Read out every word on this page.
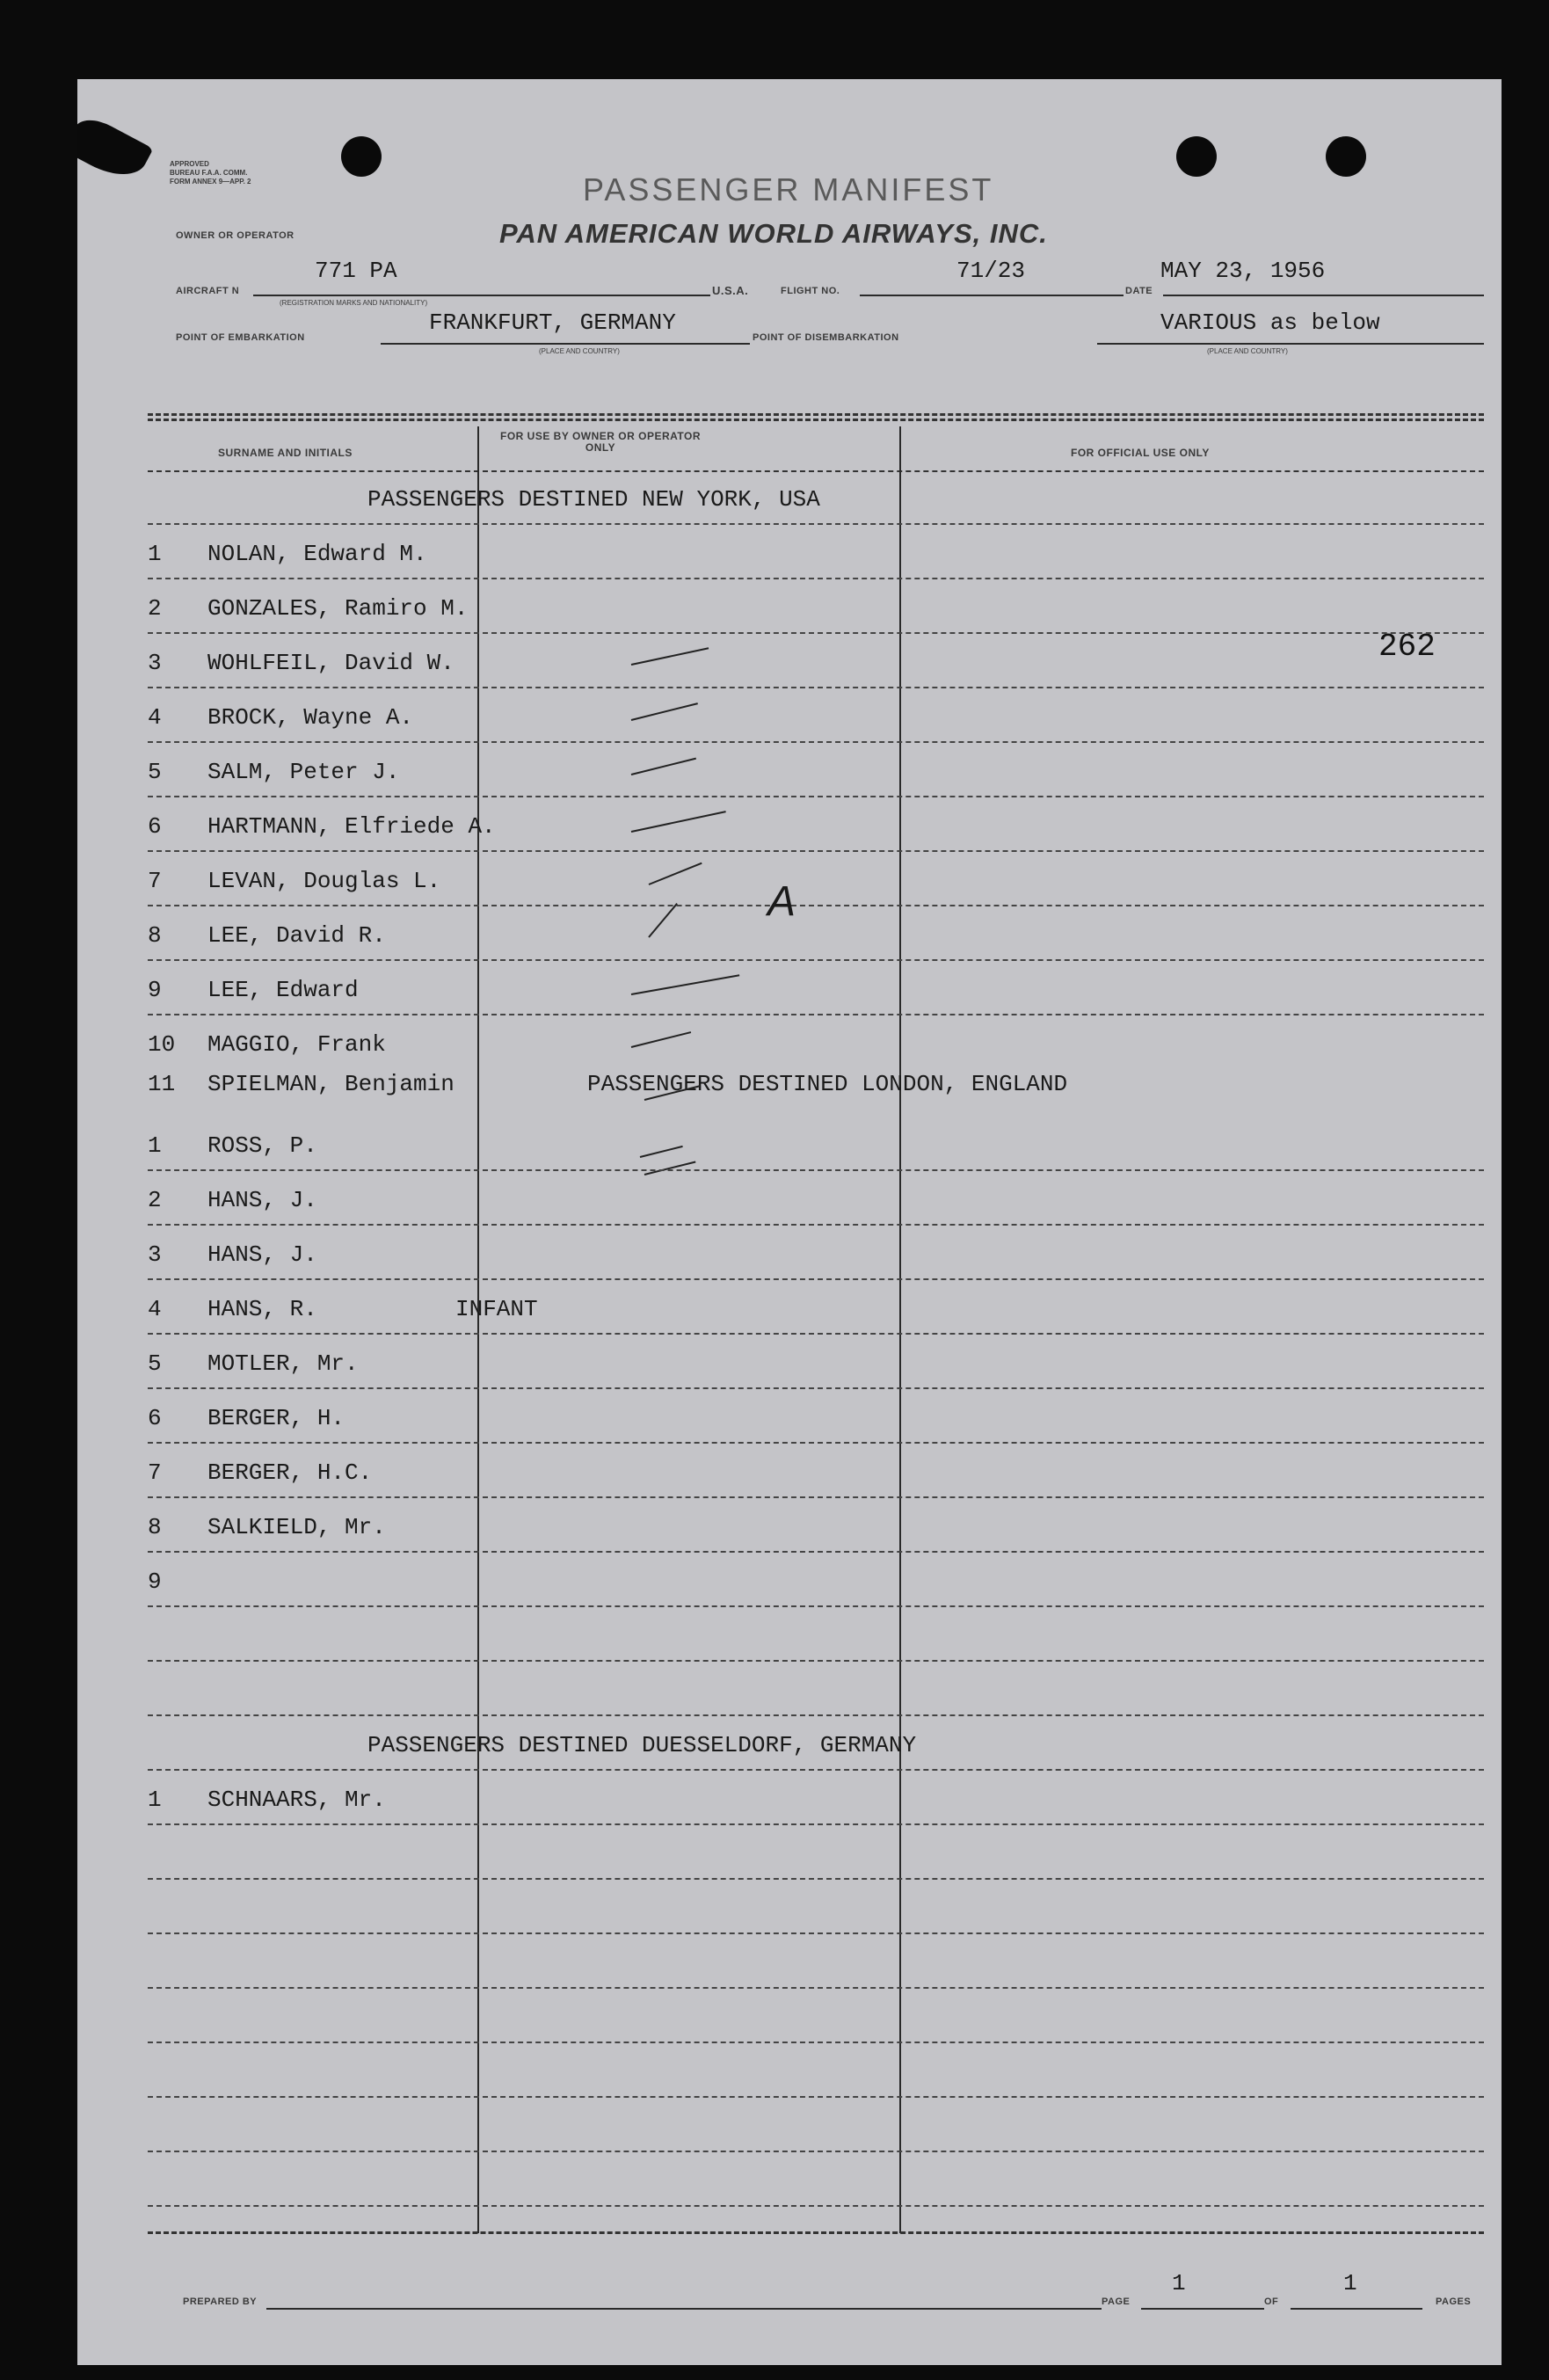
APPROVED
BUREAU F.A.A. COMM.
FORM ANNEX 9—APP. 2	PASSENGER MANIFEST
OWNER OR OPERATOR	PAN AMERICAN WORLD AIRWAYS, INC.
AIRCRAFT N
771 PA
(REGISTRATION MARKS AND NATIONALITY)
U.S.A.	FLIGHT NO.
71/23
DATE
MAY 23, 1956
POINT OF EMBARKATION
FRANKFURT, GERMANY
(PLACE AND COUNTRY)
POINT OF DISEMBARKATION
VARIOUS as below
(PLACE AND COUNTRY)
SURNAME AND INITIALS
FOR USE BY OWNER OR OPERATOR ONLY	FOR OFFICIAL USE ONLY
PASSENGERS DESTINED NEW YORK, USA
262
1	NOLAN, Edward M.
2	GONZALES, Ramiro M.
3	WOHLFEIL, David W.
4	BROCK, Wayne A.
5	SALM, Peter J.
6	HARTMANN, Elfriede A.
7	LEVAN, Douglas L.
8	LEE, David R.
9	LEE, Edward
10	MAGGIO, Frank
11	SPIELMAN, Benjamin	PASSENGERS DESTINED LONDON, ENGLAND
A
1	ROSS, P.
2	HANS, J.
3	HANS, J.
4	HANS, R.	INFANT
5	MOTLER, Mr.
6	BERGER, H.
7	BERGER, H.C.
8	SALKIELD, Mr.
9
PASSENGERS DESTINED DUESSELDORF, GERMANY
1	SCHNAARS, Mr.
PREPARED BY	PAGE
1
OF
1
PAGES
